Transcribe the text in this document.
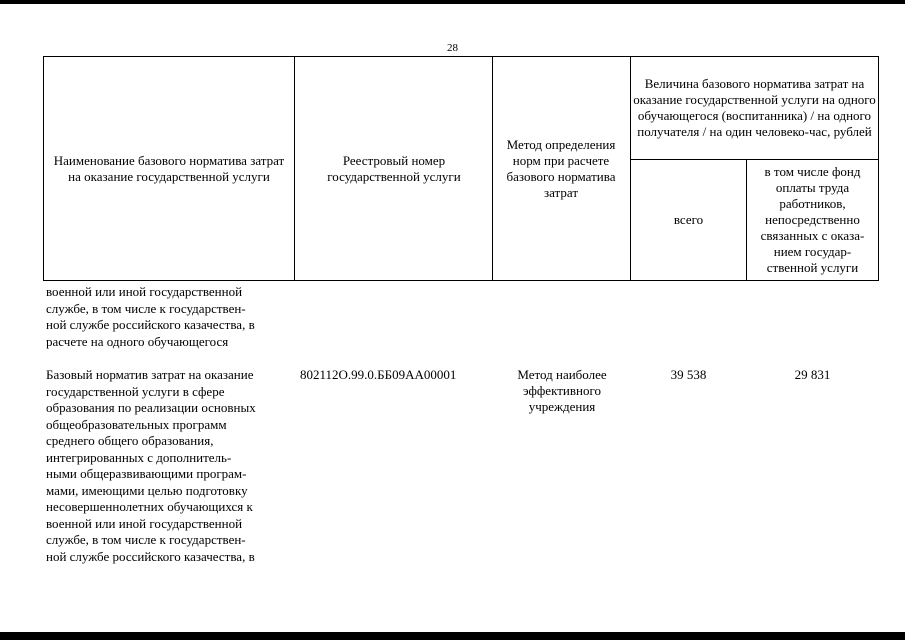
28
Наименование базового норматива затрат на оказание государственной услуги
Реестровый номер государственной услуги
Метод определения норм при расчете базового норматива затрат
Величина базового норматива затрат на оказание государственной услуги на одного обучающегося (воспитанника) / на одного получателя / на один человеко-час, рублей
всего
в том числе фонд оплаты труда работников, непосредственно связанных с оказа-нием государ-ственной услуги
военной или иной государственной
службе, в том числе к государствен-
ной службе российского казачества, в
расчете на одного обучающегося
Базовый норматив затрат на оказание
государственной услуги в сфере
образования по реализации основных
общеобразовательных программ
среднего общего образования,
интегрированных с дополнитель-
ными общеразвивающими програм-
мами, имеющими целью подготовку
несовершеннолетних обучающихся к
военной или иной государственной
службе, в том числе к государствен-
ной службе российского казачества, в
802112О.99.0.ББ09АА00001	Метод наиболее эффективного учреждения
39 538	29 831
